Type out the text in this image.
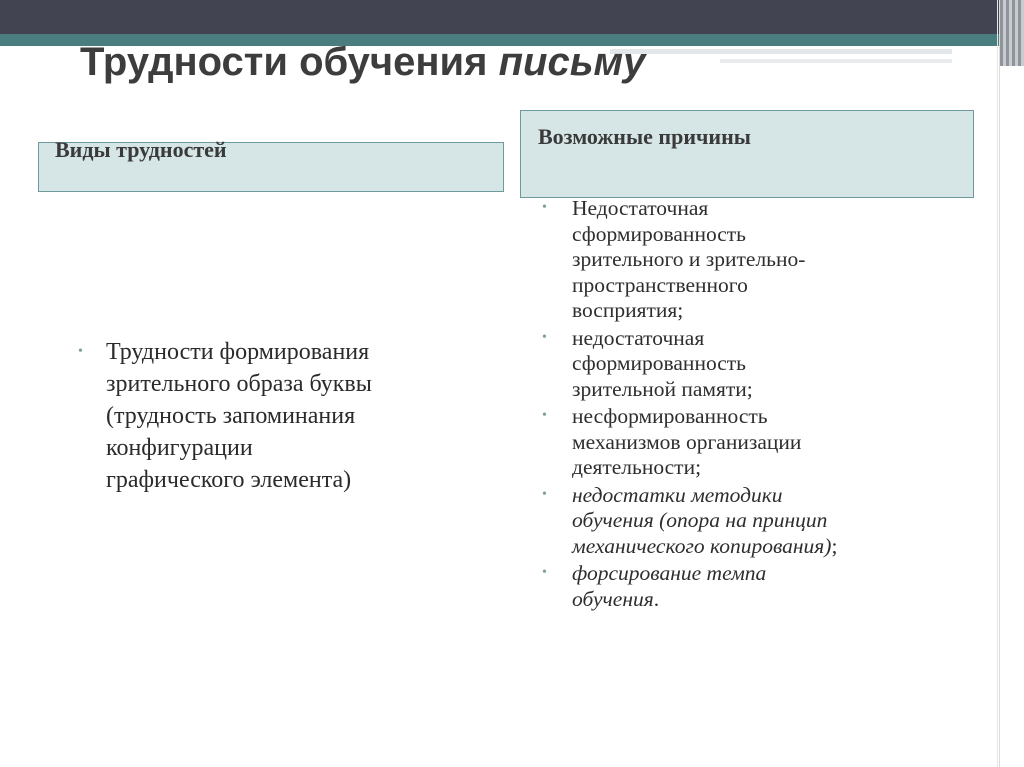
Трудности обучения письму
Виды трудностей
Возможные причины
• Трудности формирования
зрительного образа буквы
(трудность запоминания
конфигурации
графического элемента)
• Недостаточная
сформированность
зрительного и зрительно-
пространственного
восприятия;
• недостаточная
сформированность
зрительной памяти;
• несформированность
механизмов организации
деятельности;
• недостатки методики
обучения (опора на принцип
механического копирования);
• форсирование темпа
обучения.
